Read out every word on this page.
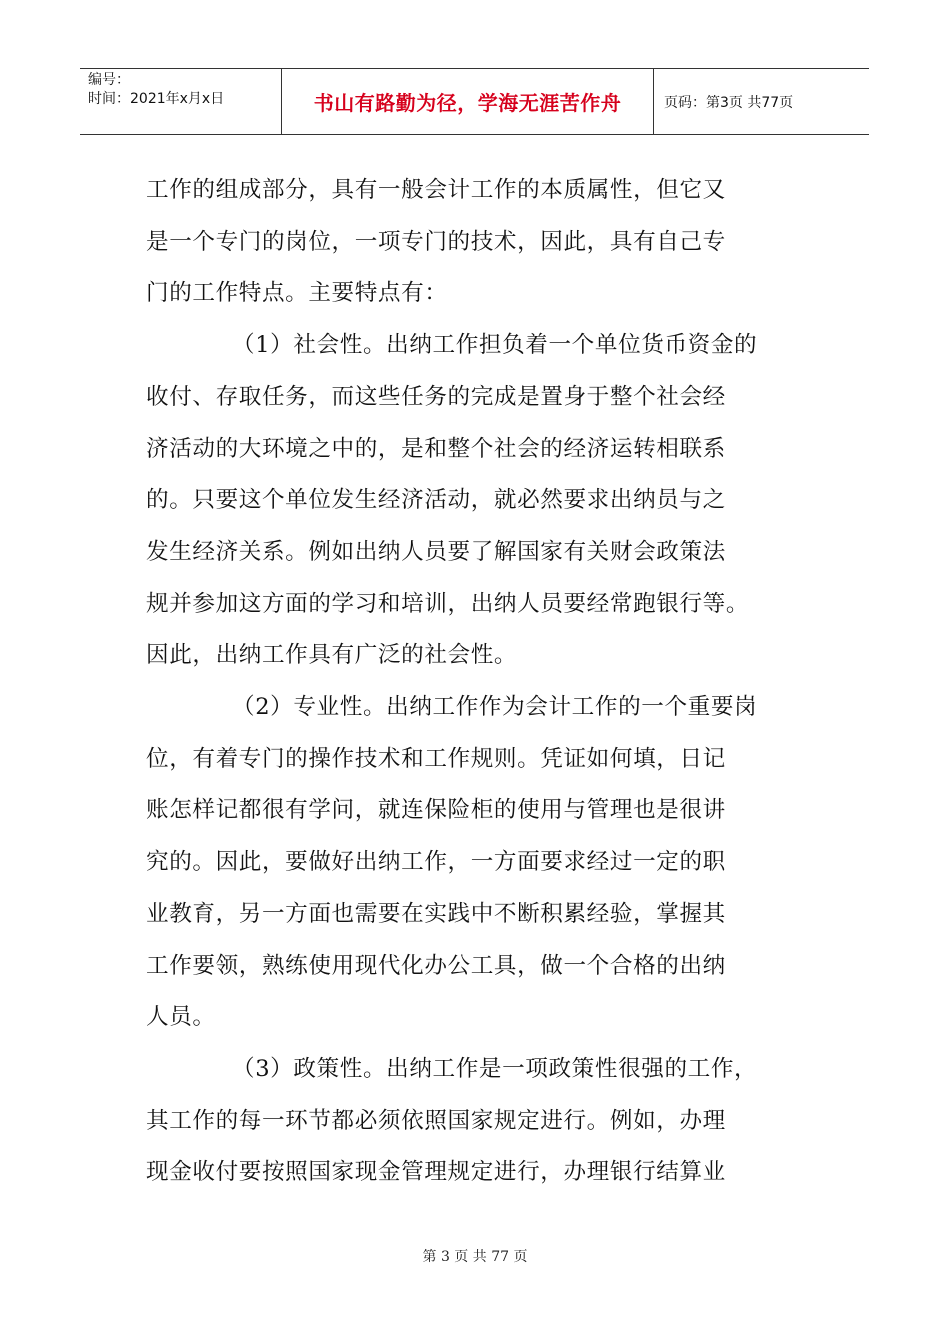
编号：
时间：2021年x月x日	书山有路勤为径，学海无涯苦作舟	页码：第3页 共77页
工作的组成部分，具有一般会计工作的本质属性，但它又
是一个专门的岗位，一项专门的技术，因此，具有自己专
门的工作特点。主要特点有：
（1）社会性。出纳工作担负着一个单位货币资金的
收付、存取任务，而这些任务的完成是置身于整个社会经
济活动的大环境之中的，是和整个社会的经济运转相联系
的。只要这个单位发生经济活动，就必然要求出纳员与之
发生经济关系。例如出纳人员要了解国家有关财会政策法
规并参加这方面的学习和培训，出纳人员要经常跑银行等。
因此，出纳工作具有广泛的社会性。
（2）专业性。出纳工作作为会计工作的一个重要岗
位，有着专门的操作技术和工作规则。凭证如何填，日记
账怎样记都很有学问，就连保险柜的使用与管理也是很讲
究的。因此，要做好出纳工作，一方面要求经过一定的职
业教育，另一方面也需要在实践中不断积累经验，掌握其
工作要领，熟练使用现代化办公工具，做一个合格的出纳
人员。
（3）政策性。出纳工作是一项政策性很强的工作，
其工作的每一环节都必须依照国家规定进行。例如，办理
现金收付要按照国家现金管理规定进行，办理银行结算业
第 3 页 共 77 页
